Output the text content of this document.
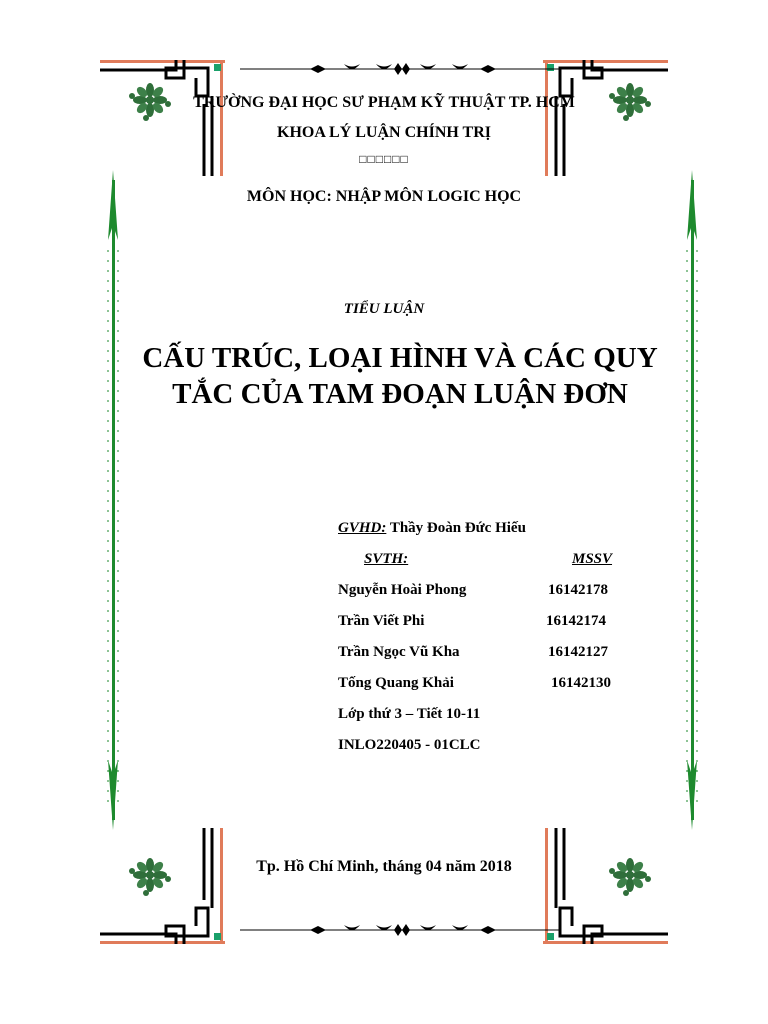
TRƯỜNG ĐẠI HỌC SƯ PHẠM KỸ THUẬT TP. HCM
KHOA LÝ LUẬN CHÍNH TRỊ
□□□□□□
MÔN HỌC: NHẬP MÔN LOGIC HỌC
TIỂU LUẬN
CẤU TRÚC, LOẠI HÌNH VÀ CÁC QUY
TẮC CỦA TAM ĐOẠN LUẬN ĐƠN
GVHD: Thầy Đoàn Đức Hiếu
SVTH:	MSSV
Nguyễn Hoài Phong	16142178
Trần Viết Phi	16142174
Trần Ngọc Vũ Kha	16142127
Tống Quang Khải	16142130
Lớp thứ 3 – Tiết 10-11
INLO220405 - 01CLC
Tp. Hồ Chí Minh, tháng 04 năm 2018
